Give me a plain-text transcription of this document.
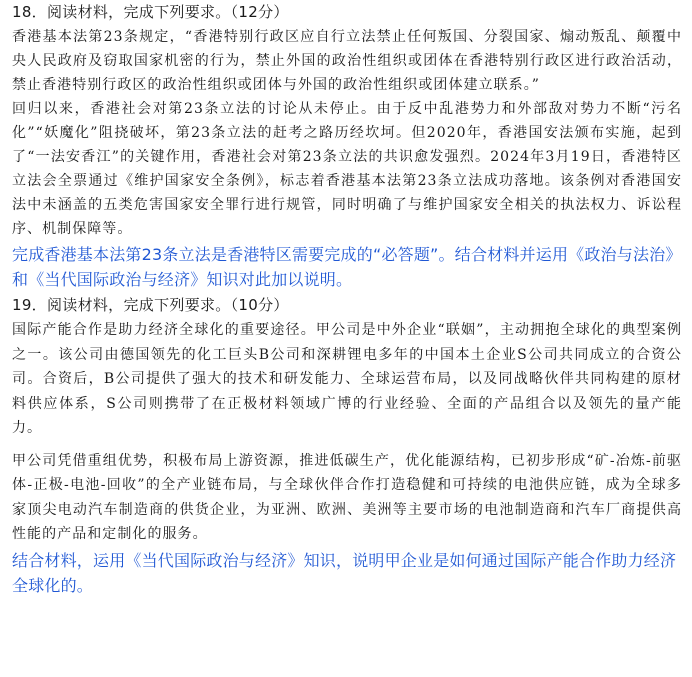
18．阅读材料，完成下列要求。（12分）

香港基本法第23条规定，“香港特别行政区应自行立法禁止任何叛国、分裂国家、煽动叛乱、颠覆中央人民政府及窃取国家机密的行为，禁止外国的政治性组织或团体在香港特别行政区进行政治活动，禁止香港特别行政区的政治性组织或团体与外国的政治性组织或团体建立联系。”

回归以来，香港社会对第23条立法的讨论从未停止。由于反中乱港势力和外部敌对势力不断“污名化”“妖魔化”阻挠破坏，第23条立法的赶考之路历经坎坷。但2020年，香港国安法颁布实施，起到了“一法安香江”的关键作用，香港社会对第23条立法的共识愈发强烈。2024年3月19日，香港特区立法会全票通过《维护国家安全条例》，标志着香港基本法第23条立法成功落地。该条例对香港国安法中未涵盖的五类危害国家安全罪行进行规管，同时明确了与维护国家安全相关的执法权力、诉讼程序、机制保障等。

完成香港基本法第23条立法是香港特区需要完成的“必答题”。结合材料并运用《政治与法治》和《当代国际政治与经济》知识对此加以说明。

19．阅读材料，完成下列要求。（10分）

国际产能合作是助力经济全球化的重要途径。甲公司是中外企业“联姻”，主动拥抱全球化的典型案例之一。该公司由德国领先的化工巨头B公司和深耕锂电多年的中国本土企业S公司共同成立的合资公司。合资后，B公司提供了强大的技术和研发能力、全球运营布局，以及同战略伙伴共同构建的原材料供应体系，S公司则携带了在正极材料领域广博的行业经验、全面的产品组合以及领先的量产能力。

甲公司凭借重组优势，积极布局上游资源，推进低碳生产，优化能源结构，已初步形成“矿-冶炼-前驱体-正极-电池-回收”的全产业链布局，与全球伙伴合作打造稳健和可持续的电池供应链，成为全球多家顶尖电动汽车制造商的供货企业，为亚洲、欧洲、美洲等主要市场的电池制造商和汽车厂商提供高性能的产品和定制化的服务。

结合材料，运用《当代国际政治与经济》知识，说明甲企业是如何通过国际产能合作助力经济全球化的。
